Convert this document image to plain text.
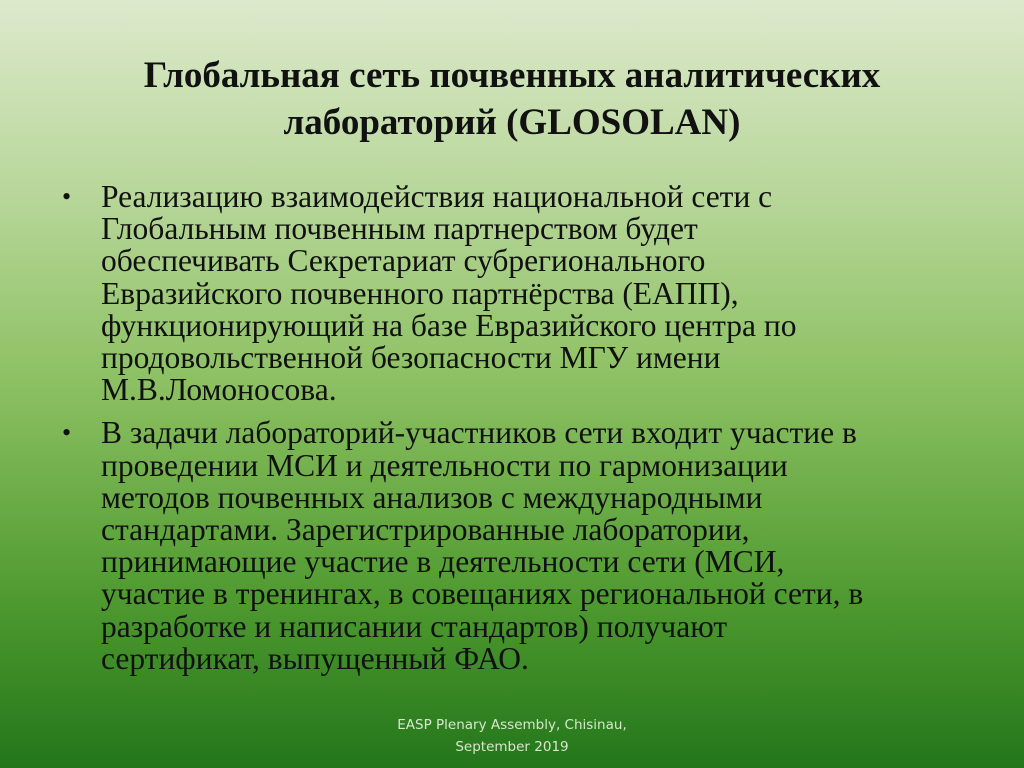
Глобальная сеть почвенных аналитических
лабораторий (GLOSOLAN)
• Реализацию взаимодействия национальной сети с
Глобальным почвенным партнерством будет
обеспечивать Секретариат субрегионального
Евразийского почвенного партнёрства (ЕАПП),
функционирующий на базе Евразийского центра по
продовольственной безопасности МГУ имени
М.В.Ломоносова.
• В задачи лабораторий-участников сети входит участие в
проведении МСИ и деятельности по гармонизации
методов почвенных анализов с международными
стандартами. Зарегистрированные лаборатории,
принимающие участие в деятельности сети (МСИ,
участие в тренингах, в совещаниях региональной сети, в
разработке и написании стандартов) получают
сертификат, выпущенный ФАО.
EASP Plenary Assembly, Chisinau,
September 2019
